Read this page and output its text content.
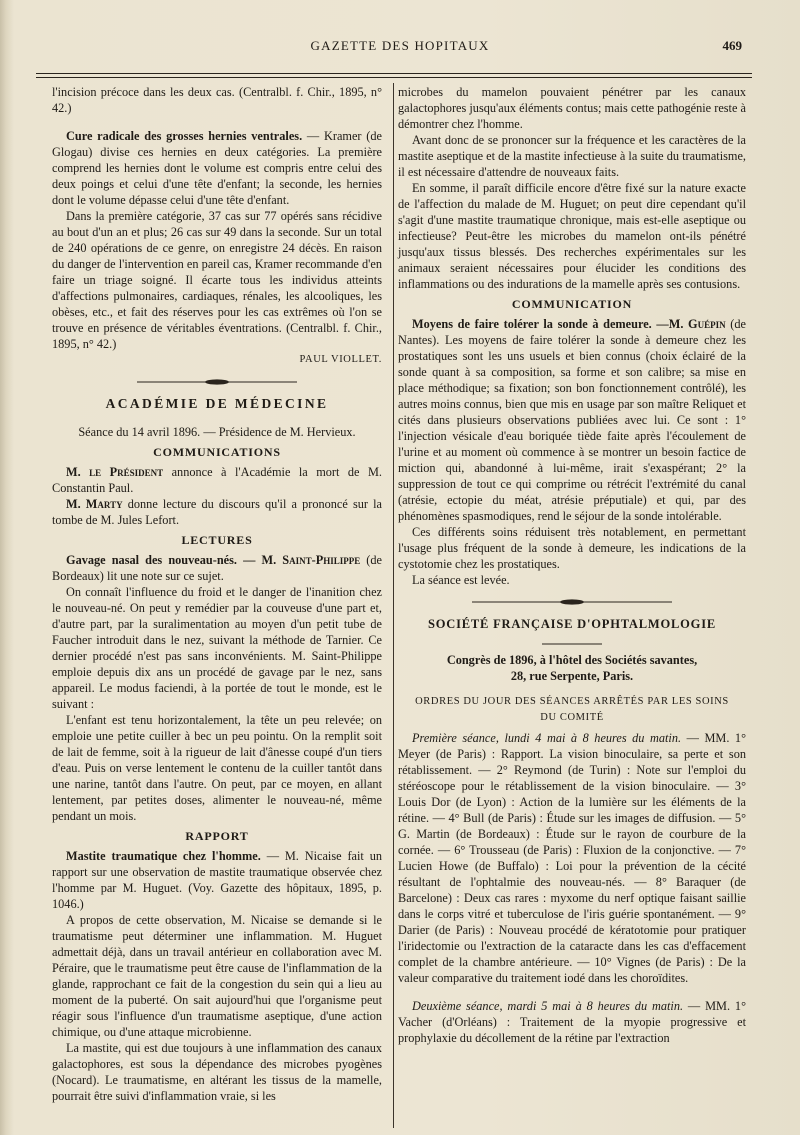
GAZETTE DES HOPITAUX	469

l'incision précoce dans les deux cas. (Centralbl. f. Chir., 1895, n° 42.)

Cure radicale des grosses hernies ventrales. — Kramer (de Glogau) divise ces hernies en deux catégories. La première comprend les hernies dont le volume est compris entre celui des deux poings et celui d'une tête d'enfant; la seconde, les hernies dont le volume dépasse celui d'une tête d'enfant.

Dans la première catégorie, 37 cas sur 77 opérés sans récidive au bout d'un an et plus; 26 cas sur 49 dans la seconde. Sur un total de 240 opérations de ce genre, on enregistre 24 décès. En raison du danger de l'intervention en pareil cas, Kramer recommande d'en faire un triage soigné. Il écarte tous les individus atteints d'affections pulmonaires, cardiaques, rénales, les alcooliques, les obèses, etc., et fait des réserves pour les cas extrêmes où l'on se trouve en présence de véritables éventrations. (Centralbl. f. Chir., 1895, n° 42.)

PAUL VIOLLET.
ACADÉMIE DE MÉDECINE

Séance du 14 avril 1896. — Présidence de M. Hervieux.

COMMUNICATIONS

M. le Président annonce à l'Académie la mort de M. Constantin Paul.

M. Marty donne lecture du discours qu'il a prononcé sur la tombe de M. Jules Lefort.

LECTURES

Gavage nasal des nouveau-nés. — M. Saint-Philippe (de Bordeaux) lit une note sur ce sujet.

On connaît l'influence du froid et le danger de l'inanition chez le nouveau-né. On peut y remédier par la couveuse d'une part et, d'autre part, par la suralimentation au moyen d'un petit tube de Faucher introduit dans le nez, suivant la méthode de Tarnier. Ce dernier procédé n'est pas sans inconvénients. M. Saint-Philippe emploie depuis dix ans un procédé de gavage par le nez, sans appareil. Le modus faciendi, à la portée de tout le monde, est le suivant :

L'enfant est tenu horizontalement, la tête un peu relevée; on emploie une petite cuiller à bec un peu pointu. On la remplit soit de lait de femme, soit à la rigueur de lait d'ânesse coupé d'un tiers d'eau. Puis on verse lentement le contenu de la cuiller tantôt dans une narine, tantôt dans l'autre. On peut, par ce moyen, en allant lentement, par petites doses, alimenter le nouveau-né, même pendant un mois.

RAPPORT

Mastite traumatique chez l'homme. — M. Nicaise fait un rapport sur une observation de mastite traumatique observée chez l'homme par M. Huguet. (Voy. Gazette des hôpitaux, 1895, p. 1046.)

A propos de cette observation, M. Nicaise se demande si le traumatisme peut déterminer une inflammation. M. Huguet admettait déjà, dans un travail antérieur en collaboration avec M. Péraire, que le traumatisme peut être cause de l'inflammation de la glande, rapprochant ce fait de la congestion du sein qui a lieu au moment de la puberté. On sait aujourd'hui que l'organisme peut réagir sous l'influence d'un traumatisme aseptique, d'une action chimique, ou d'une attaque microbienne.

La mastite, qui est due toujours à une inflammation des canaux galactophores, est sous la dépendance des microbes pyogènes (Nocard). Le traumatisme, en altérant les tissus de la mamelle, pourrait être suivi d'inflammation vraie, si les

microbes du mamelon pouvaient pénétrer par les canaux galactophores jusqu'aux éléments contus; mais cette pathogénie reste à démontrer chez l'homme.

Avant donc de se prononcer sur la fréquence et les caractères de la mastite aseptique et de la mastite infectieuse à la suite du traumatisme, il est nécessaire d'attendre de nouveaux faits.

En somme, il paraît difficile encore d'être fixé sur la nature exacte de l'affection du malade de M. Huguet; on peut dire cependant qu'il s'agit d'une mastite traumatique chronique, mais est-elle aseptique ou infectieuse? Peut-être les microbes du mamelon ont-ils pénétré jusqu'aux tissus blessés. Des recherches expérimentales sur les animaux seraient nécessaires pour élucider les conditions des inflammations ou des indurations de la mamelle après ses contusions.

COMMUNICATION

Moyens de faire tolérer la sonde à demeure. —M. Guépin (de Nantes). Les moyens de faire tolérer la sonde à demeure chez les prostatiques sont les uns usuels et bien connus (choix éclairé de la sonde quant à sa composition, sa forme et son calibre; sa mise en place méthodique; sa fixation; son bon fonctionnement contrôlé), les autres moins connus, bien que mis en usage par son maître Reliquet et cités dans plusieurs observations publiées avec lui. Ce sont : 1° l'injection vésicale d'eau boriquée tiède faite après l'écoulement de l'urine et au moment où commence à se montrer un besoin factice de miction qui, abandonné à lui-même, irait s'exaspérant; 2° la suppression de tout ce qui comprime ou rétrécit l'extrémité du canal (atrésie, ectopie du méat, atrésie préputiale) et qui, par des phénomènes spasmodiques, rend le séjour de la sonde intolérable.

Ces différents soins réduisent très notablement, en permettant l'usage plus fréquent de la sonde à demeure, les indications de la cystotomie chez les prostatiques.

La séance est levée.

SOCIÉTÉ FRANÇAISE D'OPHTALMOLOGIE

Congrès de 1896, à l'hôtel des Sociétés savantes,

28, rue Serpente, Paris.

ORDRES DU JOUR DES SÉANCES ARRÊTÉS PAR LES SOINS
DU COMITÉ

Première séance, lundi 4 mai à 8 heures du matin. — MM. 1° Meyer (de Paris) : Rapport. La vision binoculaire, sa perte et son rétablissement. — 2° Reymond (de Turin) : Note sur l'emploi du stéréoscope pour le rétablissement de la vision binoculaire. — 3° Louis Dor (de Lyon) : Action de la lumière sur les éléments de la rétine. — 4° Bull (de Paris) : Étude sur les images de diffusion. — 5° G. Martin (de Bordeaux) : Étude sur le rayon de courbure de la cornée. — 6° Trousseau (de Paris) : Fluxion de la conjonctive. — 7° Lucien Howe (de Buffalo) : Loi pour la prévention de la cécité résultant de l'ophtalmie des nouveau-nés. — 8° Baraquer (de Barcelone) : Deux cas rares : myxome du nerf optique faisant saillie dans le corps vitré et tuberculose de l'iris guérie spontanément. — 9° Darier (de Paris) : Nouveau procédé de kératotomie pour pratiquer l'iridectomie ou l'extraction de la cataracte dans les cas d'effacement complet de la chambre antérieure. — 10° Vignes (de Paris) : De la valeur comparative du traitement iodé dans les choroïdites.

Deuxième séance, mardi 5 mai à 8 heures du matin. — MM. 1° Vacher (d'Orléans) : Traitement de la myopie progressive et prophylaxie du décollement de la rétine par l'extraction
